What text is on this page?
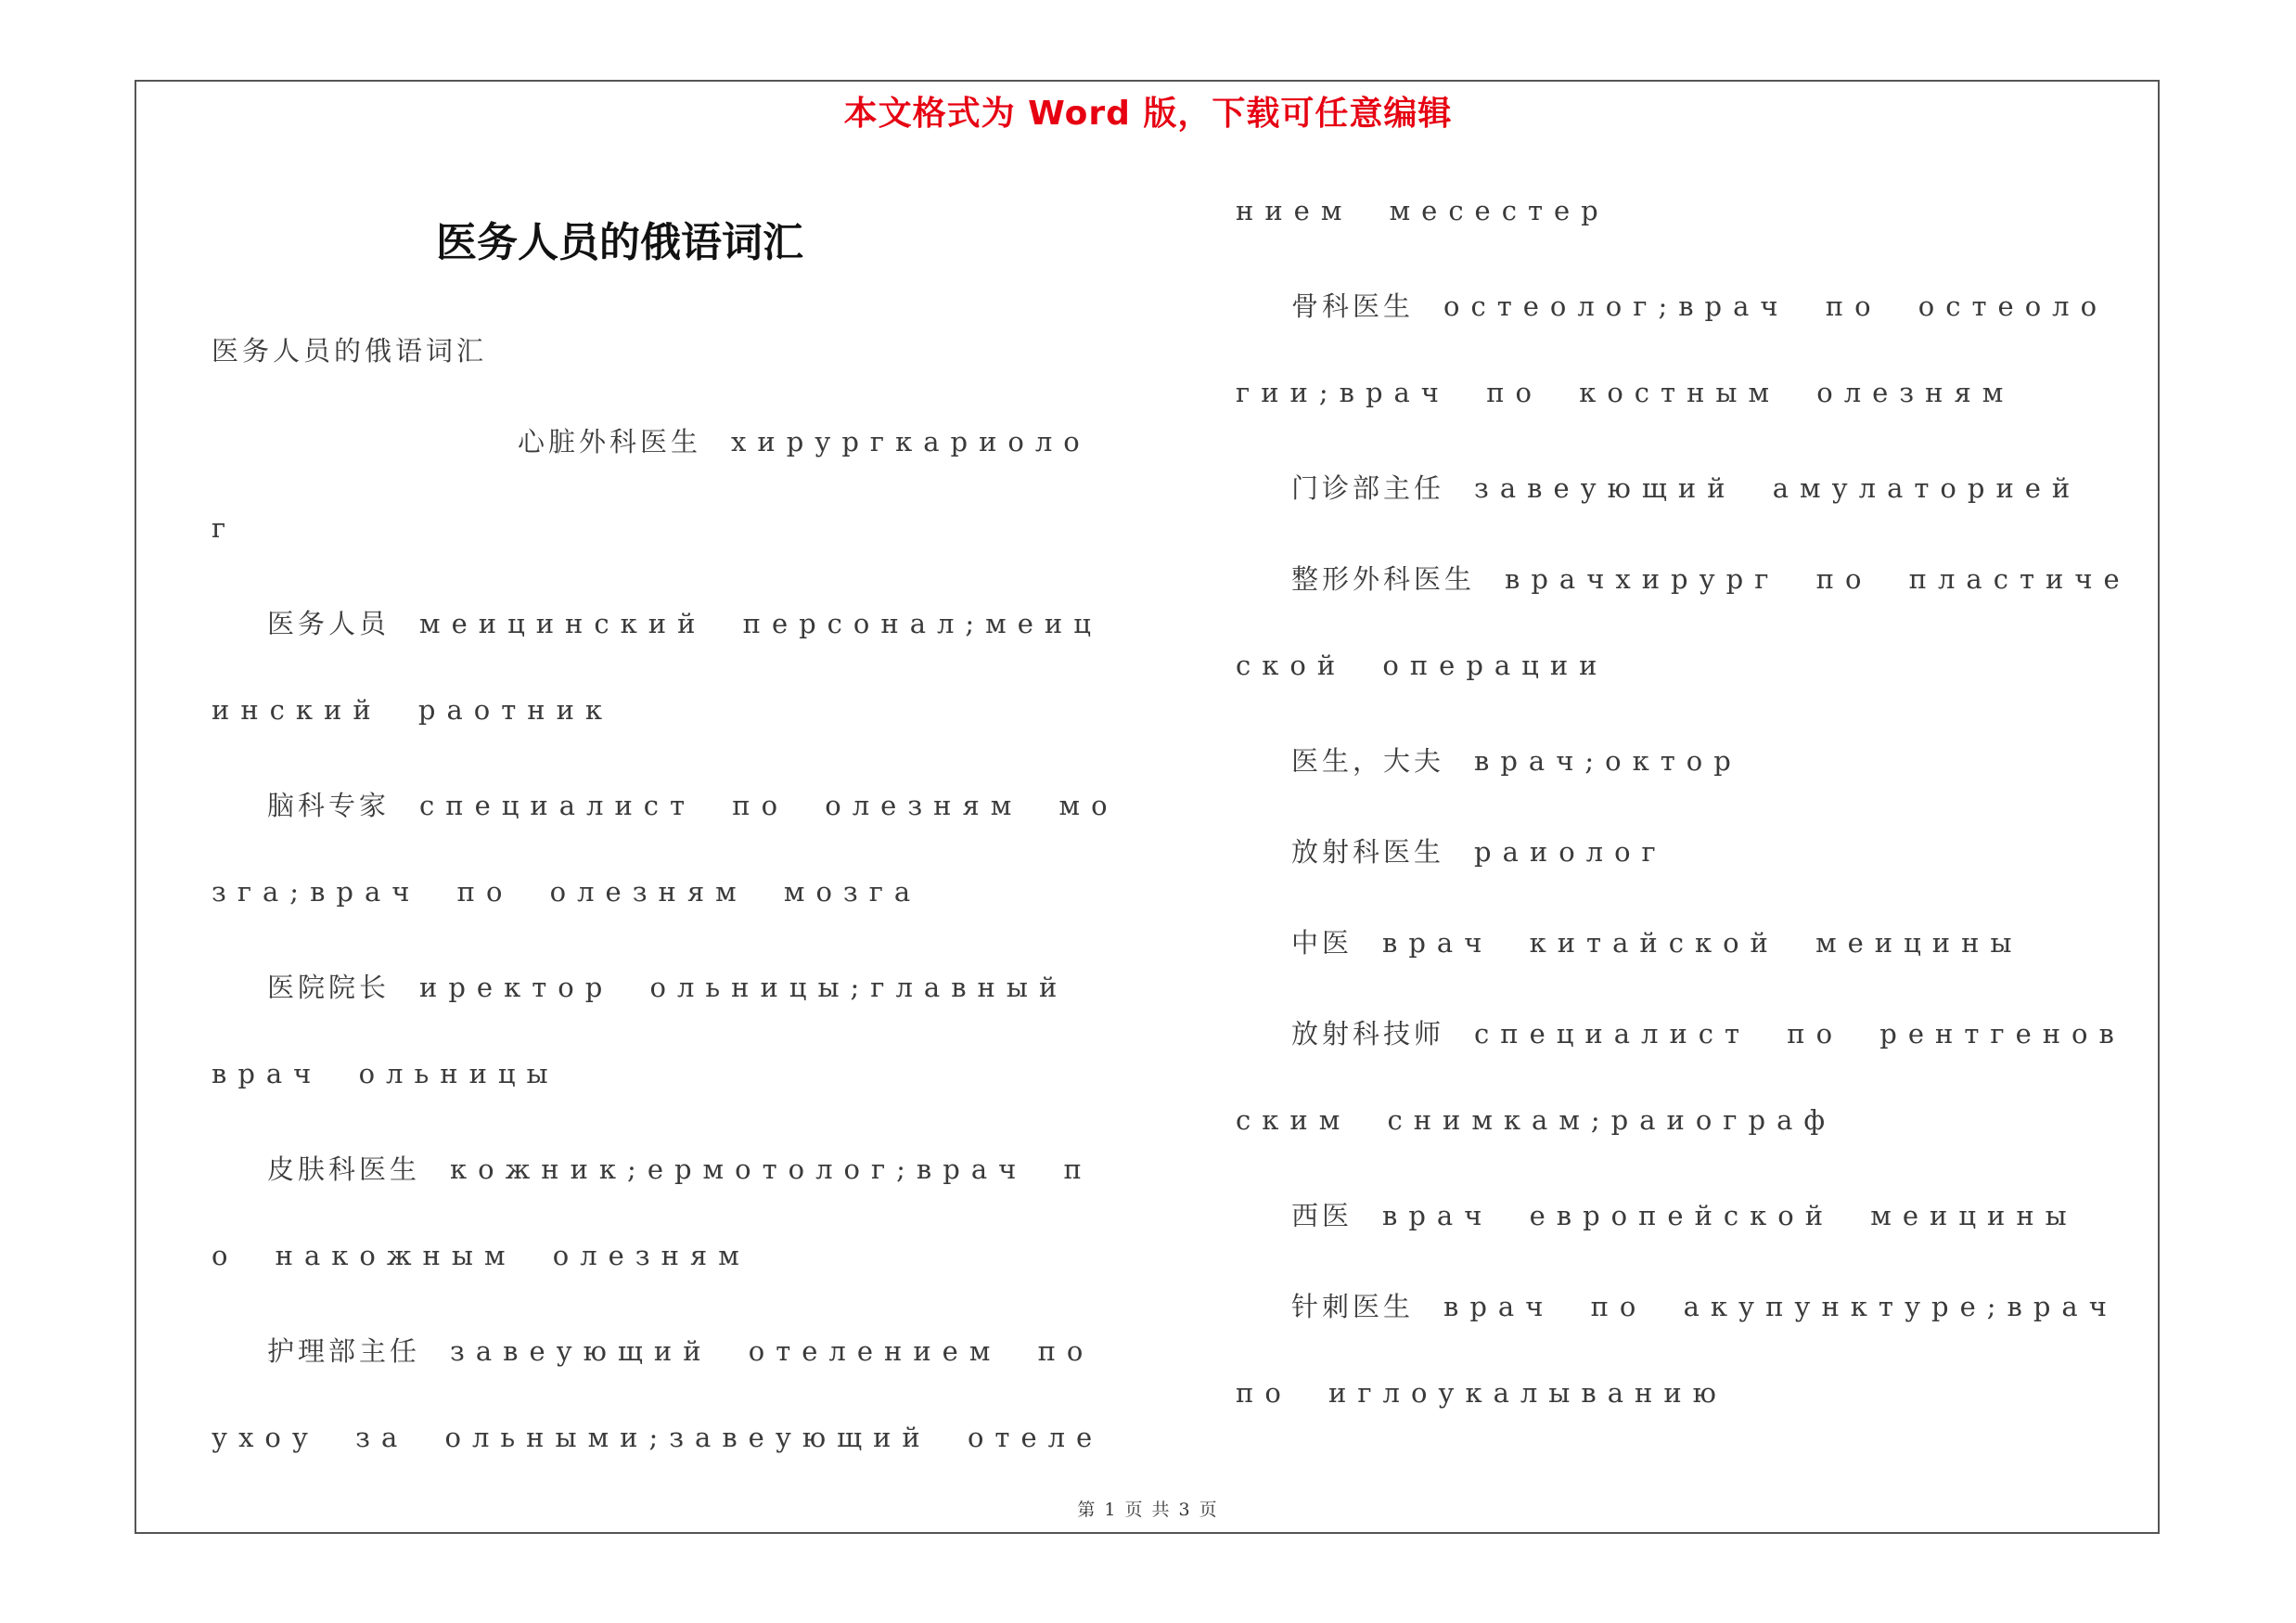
本文格式为 Word 版，下载可任意编辑
医务人员的俄语词汇
医务人员的俄语词汇
心脏外科医生 хирургкариоло
г
医务人员 меицинский персонал;меиц
инский раотник
脑科专家 специалист по олезням мо
зга;врач по олезням мозга
医院院长 иректор ольницы;главный
врач ольницы
皮肤科医生 кожник;ермотолог;врач п
о накожным олезням
护理部主任 завеующий отелением по
ухоу за ольными;завеующий отеле
нием месестер
骨科医生 остеолог;врач по остеоло
гии;врач по костным олезням
门诊部主任 завеующий амулаторией
整形外科医生 врачхирург по пластиче
ской операции
医生，大夫 врач;октор
放射科医生 раиолог
中医 врач китайской меицины
放射科技师 специалист по рентгенов
ским снимкам;раиограф
西医 врач европейской меицины
针刺医生 врач по акупунктуре;врач
по иглоукалыванию
第 1 页 共 3 页
